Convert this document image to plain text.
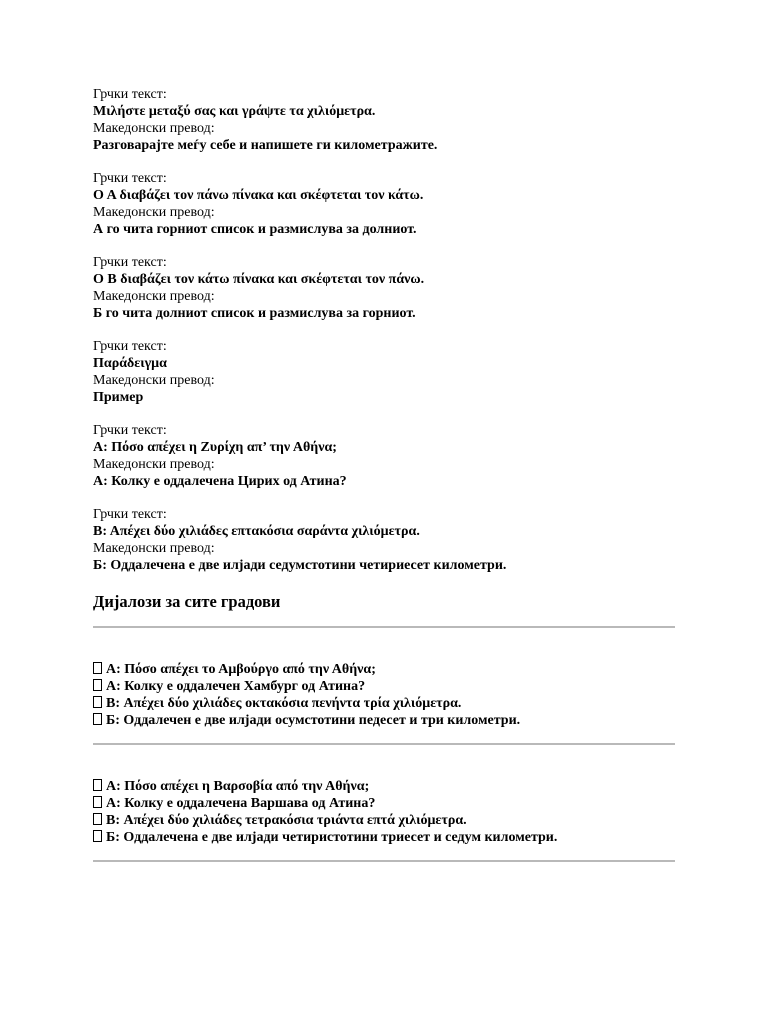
Грчки текст:
Μιλήστε μεταξύ σας και γράψτε τα χιλιόμετρα.
Македонски превод:
Разговарајте меѓу себе и напишете ги километражите.
Грчки текст:
Ο Α διαβάζει τον πάνω πίνακα και σκέφτεται τον κάτω.
Македонски превод:
А го чита горниот список и размислува за долниот.
Грчки текст:
Ο Β διαβάζει τον κάτω πίνακα και σκέφτεται τον πάνω.
Македонски превод:
Б го чита долниот список и размислува за горниот.
Грчки текст:
Παράδειγμα
Македонски превод:
Пример
Грчки текст:
Α: Πόσο απέχει η Ζυρίχη απ’ την Αθήνα;
Македонски превод:
А: Колку е оддалечена Цирих од Атина?
Грчки текст:
Β: Απέχει δύο χιλιάδες επτακόσια σαράντα χιλιόμετρα.
Македонски превод:
Б: Оддалечена е две илјади седумстотини четириесет километри.
Дијалози за сите градови
А: Πόσο απέχει το Αμβούργο από την Αθήνα;
А: Колку е оддалечен Хамбург од Атина?
В: Απέχει δύο χιλιάδες οκτακόσια πενήντα τρία χιλιόμετρα.
Б: Оддалечен е две илјади осумстотини педесет и три километри.
А: Πόσο απέχει η Βαρσοβία από την Αθήνα;
А: Колку е оддалечена Варшава од Атина?
В: Απέχει δύο χιλιάδες τετρακόσια τριάντα επτά χιλιόμετρα.
Б: Оддалечена е две илјади четиристотини триесет и седум километри.
